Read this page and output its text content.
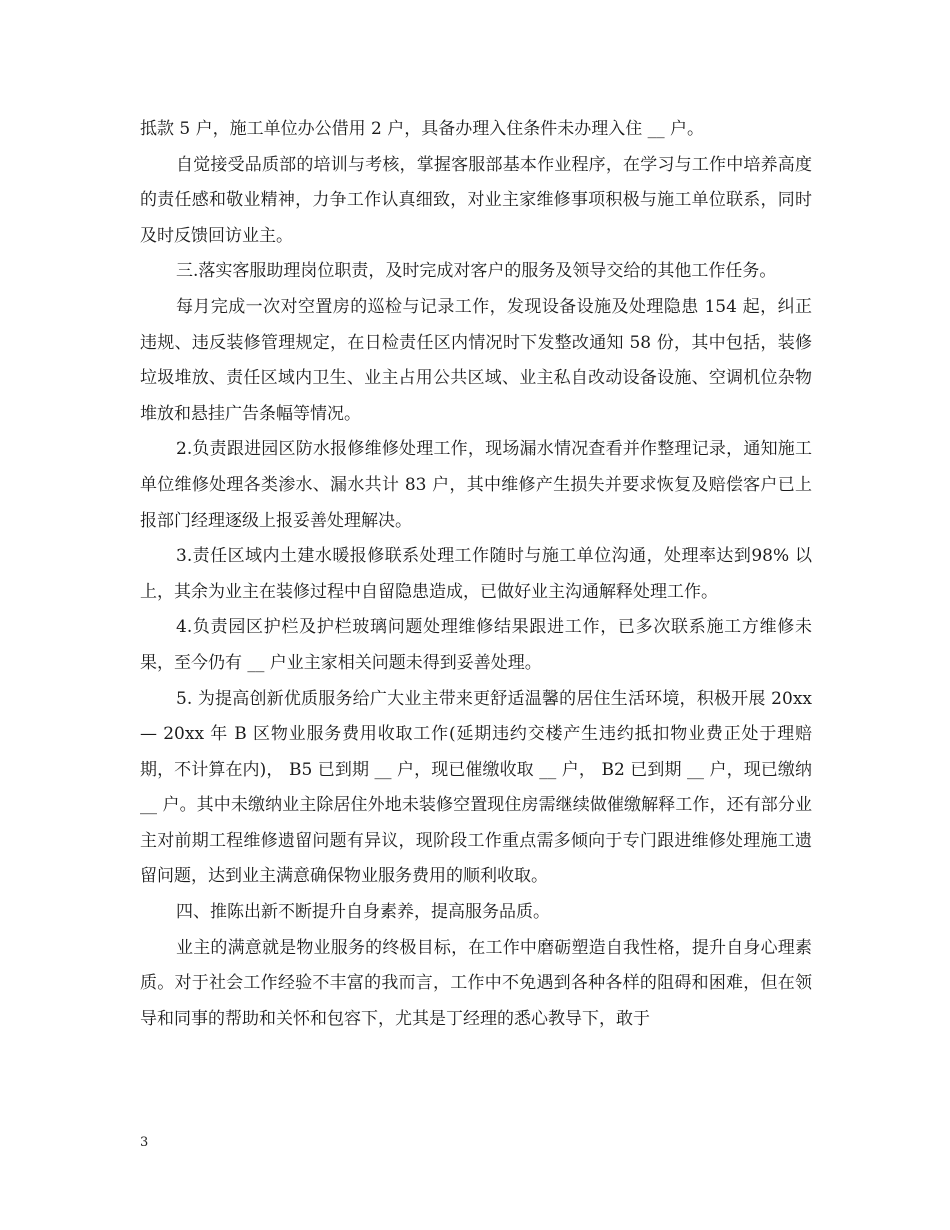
抵款 5 户，施工单位办公借用 2 户，具备办理入住条件未办理入住 __ 户。

自觉接受品质部的培训与考核，掌握客服部基本作业程序，在学习与工作中培养高度的责任感和敬业精神，力争工作认真细致，对业主家维修事项积极与施工单位联系，同时及时反馈回访业主。

三.落实客服助理岗位职责，及时完成对客户的服务及领导交给的其他工作任务。

每月完成一次对空置房的巡检与记录工作，发现设备设施及处理隐患 154 起，纠正违规、违反装修管理规定，在日检责任区内情况时下发整改通知 58 份，其中包括，装修垃圾堆放、责任区域内卫生、业主占用公共区域、业主私自改动设备设施、空调机位杂物堆放和悬挂广告条幅等情况。

2.负责跟进园区防水报修维修处理工作，现场漏水情况查看并作整理记录，通知施工单位维修处理各类渗水、漏水共计 83 户，其中维修产生损失并要求恢复及赔偿客户已上报部门经理逐级上报妥善处理解决。

3.责任区域内土建水暖报修联系处理工作随时与施工单位沟通，处理率达到98% 以上，其余为业主在装修过程中自留隐患造成，已做好业主沟通解释处理工作。

4.负责园区护栏及护栏玻璃问题处理维修结果跟进工作，已多次联系施工方维修未果，至今仍有 __ 户业主家相关问题未得到妥善处理。

5. 为提高创新优质服务给广大业主带来更舒适温馨的居住生活环境，积极开展 20xx — 20xx 年 B 区物业服务费用收取工作(延期违约交楼产生违约抵扣物业费正处于理赔期，不计算在内)， B5 已到期 __ 户，现已催缴收取 __ 户， B2 已到期 __ 户，现已缴纳 __ 户。其中未缴纳业主除居住外地未装修空置现住房需继续做催缴解释工作，还有部分业主对前期工程维修遗留问题有异议，现阶段工作重点需多倾向于专门跟进维修处理施工遗留问题，达到业主满意确保物业服务费用的顺利收取。

四、推陈出新不断提升自身素养，提高服务品质。

业主的满意就是物业服务的终极目标，在工作中磨砺塑造自我性格，提升自身心理素质。对于社会工作经验不丰富的我而言，工作中不免遇到各种各样的阻碍和困难，但在领导和同事的帮助和关怀和包容下，尤其是丁经理的悉心教导下，敢于

3
